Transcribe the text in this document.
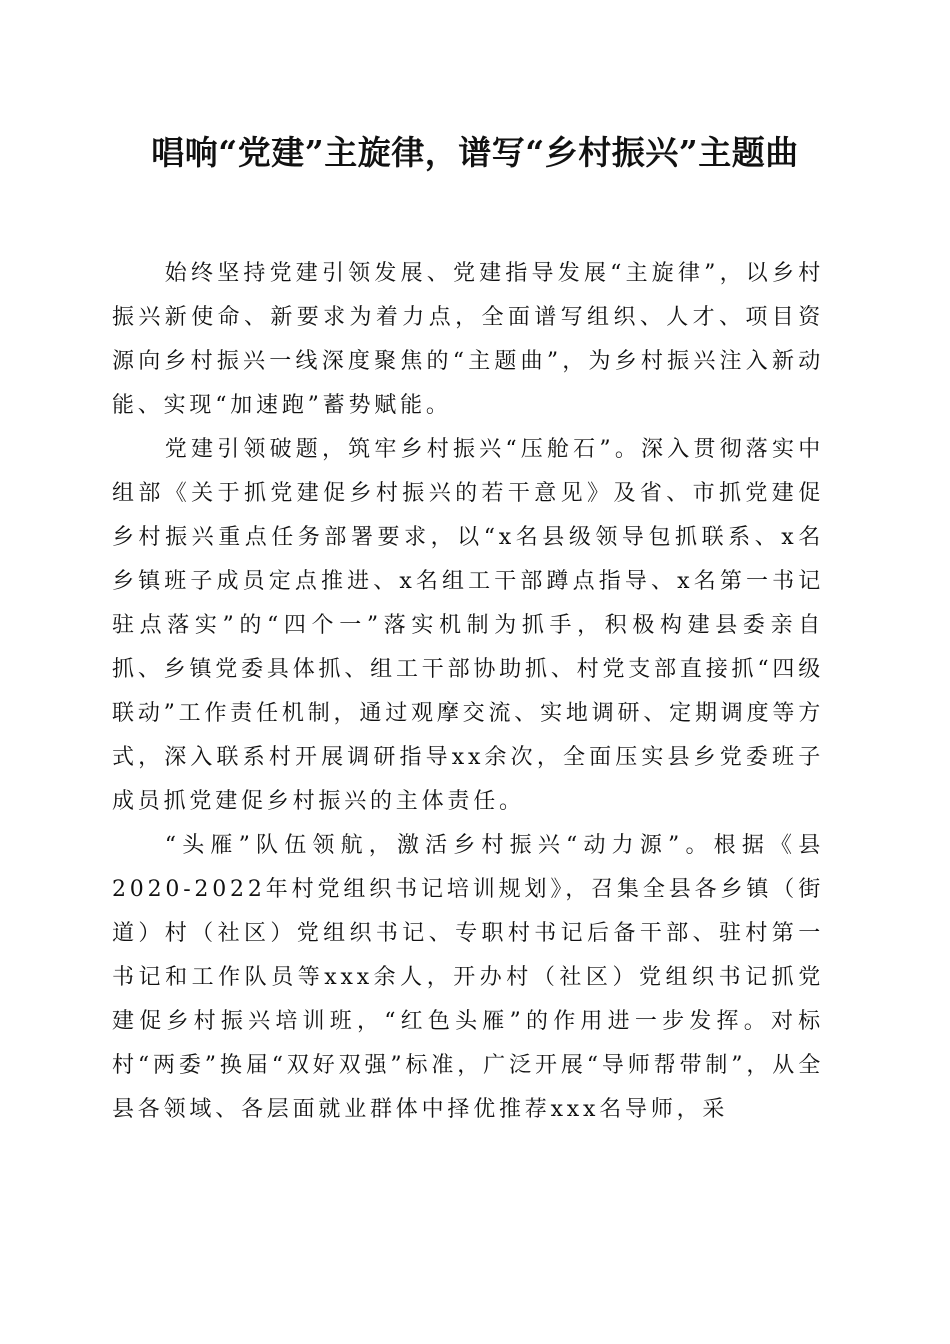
唱响“党建”主旋律，谱写“乡村振兴”主题曲

始终坚持党建引领发展、党建指导发展“主旋律”，以乡村振兴新使命、新要求为着力点，全面谱写组织、人才、项目资源向乡村振兴一线深度聚焦的“主题曲”，为乡村振兴注入新动能、实现“加速跑”蓄势赋能。

党建引领破题，筑牢乡村振兴“压舱石”。深入贯彻落实中组部《关于抓党建促乡村振兴的若干意见》及省、市抓党建促乡村振兴重点任务部署要求，以“x名县级领导包抓联系、x名乡镇班子成员定点推进、x名组工干部蹲点指导、x名第一书记驻点落实”的“四个一”落实机制为抓手，积极构建县委亲自抓、乡镇党委具体抓、组工干部协助抓、村党支部直接抓“四级联动”工作责任机制，通过观摩交流、实地调研、定期调度等方式，深入联系村开展调研指导xx余次，全面压实县乡党委班子成员抓党建促乡村振兴的主体责任。

“头雁”队伍领航，激活乡村振兴“动力源”。根据《县2020-2022年村党组织书记培训规划》，召集全县各乡镇（街道）村（社区）党组织书记、专职村书记后备干部、驻村第一书记和工作队员等xxx余人，开办村（社区）党组织书记抓党建促乡村振兴培训班，“红色头雁”的作用进一步发挥。对标村“两委”换届“双好双强”标准，广泛开展“导师帮带制”，从全县各领域、各层面就业群体中择优推荐xxx名导师，采
